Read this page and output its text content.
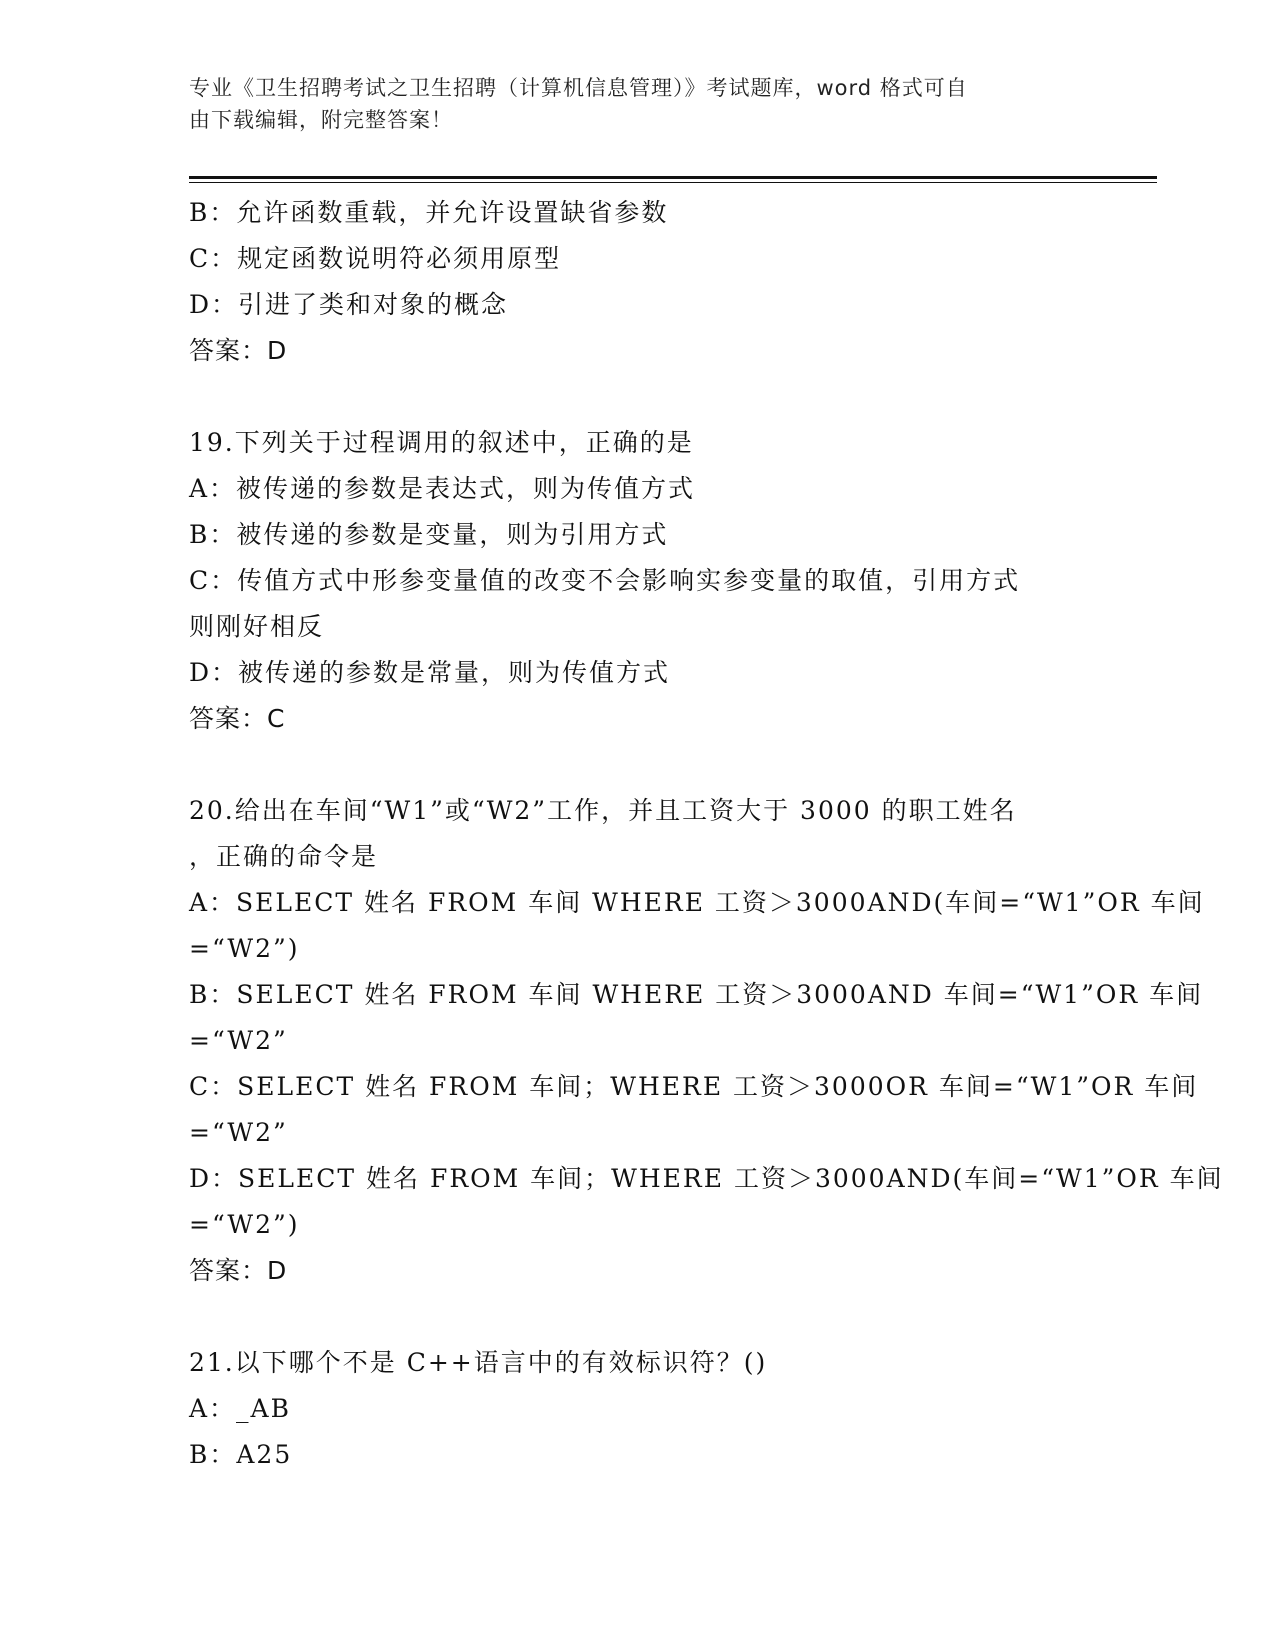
专业《卫生招聘考试之卫生招聘（计算机信息管理）》考试题库，word 格式可自
由下载编辑，附完整答案！
B：允许函数重载，并允许设置缺省参数
C：规定函数说明符必须用原型
D：引进了类和对象的概念
答案：D
19.下列关于过程调用的叙述中，正确的是
A：被传递的参数是表达式，则为传值方式
B：被传递的参数是变量，则为引用方式
C：传值方式中形参变量值的改变不会影响实参变量的取值，引用方式
则刚好相反
D：被传递的参数是常量，则为传值方式
答案：C
20.给出在车间“W1”或“W2”工作，并且工资大于 3000 的职工姓名
，正确的命令是
A：SELECT 姓名 FROM 车间 WHERE 工资＞3000AND(车间=“W1”OR 车间
=“W2”)
B：SELECT 姓名 FROM 车间 WHERE 工资＞3000AND 车间=“W1”OR 车间
=“W2”
C：SELECT 姓名 FROM 车间；WHERE 工资＞3000OR 车间=“W1”OR 车间
=“W2”
D：SELECT 姓名 FROM 车间；WHERE 工资＞3000AND(车间=“W1”OR 车间
=“W2”)
答案：D
21.以下哪个不是 C++语言中的有效标识符？()
A：_AB
B：A25
